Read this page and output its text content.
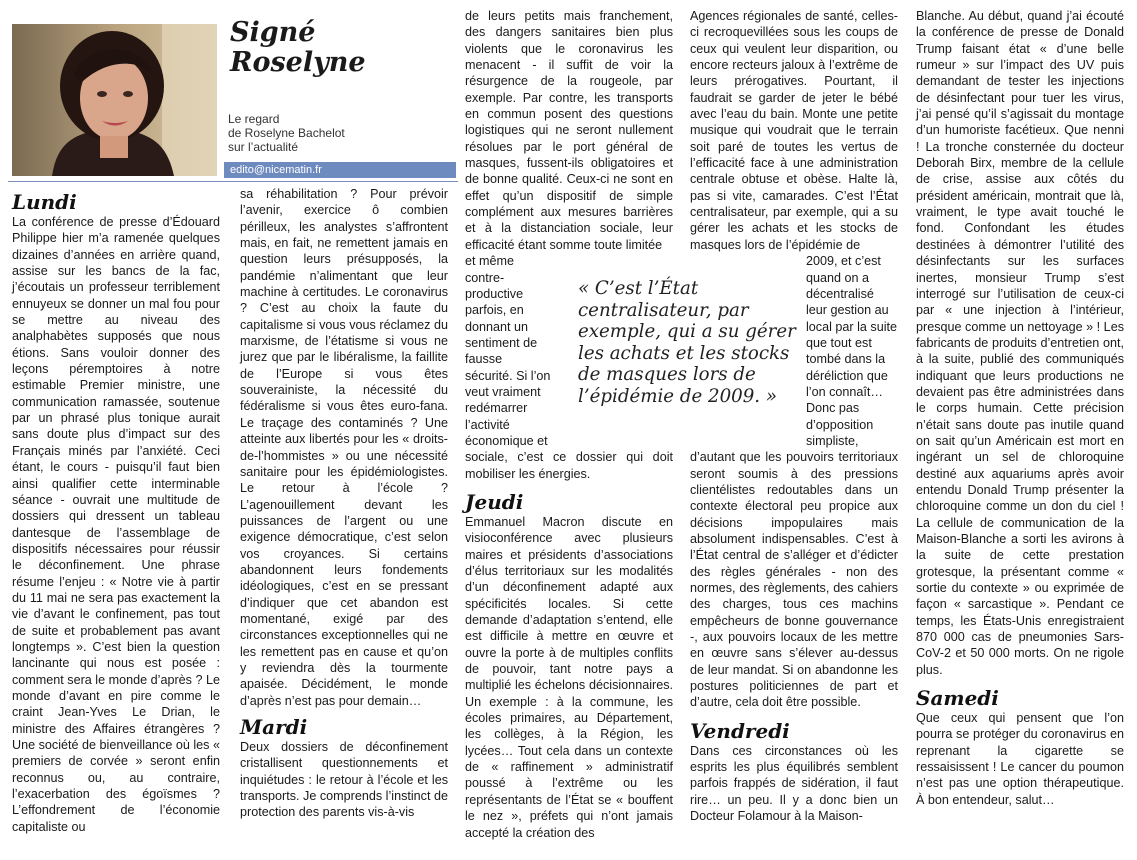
Signé
Roselyne
Le regard
de Roselyne Bachelot
sur l’actualité
edito@nicematin.fr
Lundi

La conférence de presse d’Édouard Philippe hier m’a ramenée quelques dizaines d’années en arrière quand, assise sur les bancs de la fac, j’écoutais un professeur terriblement ennuyeux se donner un mal fou pour se mettre au niveau des analphabètes supposés que nous étions. Sans vouloir donner des leçons péremptoires à notre estimable Premier ministre, une communication ramassée, soutenue par un phrasé plus tonique aurait sans doute plus d’impact sur des Français minés par l’anxiété. Ceci étant, le cours - puisqu’il faut bien ainsi qualifier cette interminable séance - ouvrait une multitude de dossiers qui dressent un tableau dantesque de l’assemblage de dispositifs nécessaires pour réussir le déconfinement. Une phrase résume l’enjeu : « Notre vie à partir du 11 mai ne sera pas exactement la vie d’avant le confinement, pas tout de suite et probablement pas avant longtemps ». C’est bien la question lancinante qui nous est posée : comment sera le monde d’après ? Le monde d’avant en pire comme le craint Jean-Yves Le Drian, le ministre des Affaires étrangères ? Une société de bienveillance où les « premiers de corvée » seront enfin reconnus ou, au contraire, l’exacerbation des égoïsmes ? L’effondrement de l’économie capitaliste ou

sa réhabilitation ? Pour prévoir l’avenir, exercice ô combien périlleux, les analystes s’affrontent mais, en fait, ne remettent jamais en question leurs présupposés, la pandémie n’alimentant que leur machine à certitudes. Le coronavirus ? C’est au choix la faute du capitalisme si vous vous réclamez du marxisme, de l’étatisme si vous ne jurez que par le libéralisme, la faillite de l’Europe si vous êtes souverainiste, la nécessité du fédéralisme si vous êtes euro-fana. Le traçage des contaminés ? Une atteinte aux libertés pour les « droits-de-l’hommistes » ou une nécessité sanitaire pour les épidémiologistes. Le retour à l’école ? L’agenouillement devant les puissances de l’argent ou une exigence démocratique, c’est selon vos croyances. Si certains abandonnent leurs fondements idéologiques, c’est en se pressant d’indiquer que cet abandon est momentané, exigé par des circonstances exceptionnelles qui ne les remettent pas en cause et qu’on y reviendra dès la tourmente apaisée. Décidément, le monde d’après n’est pas pour demain…

Mardi

Deux dossiers de déconfinement cristallisent questionnements et inquiétudes : le retour à l’école et les transports. Je comprends l’instinct de protection des parents vis-à-vis

de leurs petits mais franchement, des dangers sanitaires bien plus violents que le coronavirus les menacent - il suffit de voir la résurgence de la rougeole, par exemple. Par contre, les transports en commun posent des questions logistiques qui ne seront nullement résolues par le port général de masques, fussent-ils obligatoires et de bonne qualité. Ceux-ci ne sont en effet qu’un dispositif de simple complément aux mesures barrières et à la distanciation sociale, leur efficacité étant somme toute limitée

et même contre-productive parfois, en donnant un sentiment de fausse sécurité. Si l’on veut vraiment redémarrer l’activité économique et

sociale, c’est ce dossier qui doit mobiliser les énergies.

Jeudi

Emmanuel Macron discute en visioconférence avec plusieurs maires et présidents d’associations d’élus territoriaux sur les modalités d’un déconfinement adapté aux spécificités locales. Si cette demande d’adaptation s’entend, elle est difficile à mettre en œuvre et ouvre la porte à de multiples conflits de pouvoir, tant notre pays a multiplié les échelons décisionnaires. Un exemple : à la commune, les écoles primaires, au Département, les collèges, à la Région, les lycées… Tout cela dans un contexte de « raffinement » administratif poussé à l’extrême ou les représentants de l’État se « bouffent le nez », préfets qui n’ont jamais accepté la création des

Agences régionales de santé, celles-ci recroquevillées sous les coups de ceux qui veulent leur disparition, ou encore recteurs jaloux à l’extrême de leurs prérogatives. Pourtant, il faudrait se garder de jeter le bébé avec l’eau du bain. Monte une petite musique qui voudrait que le terrain soit paré de toutes les vertus de l’efficacité face à une administration centrale obtuse et obèse. Halte là, pas si vite, camarades. C’est l’État centralisateur, par exemple, qui a su gérer les achats et les stocks de masques lors de l’épidémie de

2009, et c’est quand on a décentralisé leur gestion au local par la suite que tout est tombé dans la déréliction que l’on connaît… Donc pas d’opposition simpliste,

d’autant que les pouvoirs territoriaux seront soumis à des pressions clientélistes redoutables dans un contexte électoral peu propice aux décisions impopulaires mais absolument indispensables. C’est à l’État central de s’alléger et d’édicter des règles générales - non des normes, des règlements, des cahiers des charges, tous ces machins empêcheurs de bonne gouvernance -, aux pouvoirs locaux de les mettre en œuvre sans s’élever au-dessus de leur mandat. Si on abandonne les postures politiciennes de part et d’autre, cela doit être possible.

Vendredi

Dans ces circonstances où les esprits les plus équilibrés semblent parfois frappés de sidération, il faut rire… un peu. Il y a donc bien un Docteur Folamour à la Maison-

Blanche. Au début, quand j’ai écouté la conférence de presse de Donald Trump faisant état « d’une belle rumeur » sur l’impact des UV puis demandant de tester les injections de désinfectant pour tuer les virus, j’ai pensé qu’il s’agissait du montage d’un humoriste facétieux. Que nenni ! La tronche consternée du docteur Deborah Birx, membre de la cellule de crise, assise aux côtés du président américain, montrait que là, vraiment, le type avait touché le fond. Confondant les études destinées à démontrer l’utilité des désinfectants sur les surfaces inertes, monsieur Trump s’est interrogé sur l’utilisation de ceux-ci par « une injection à l’intérieur, presque comme un nettoyage » ! Les fabricants de produits d’entretien ont, à la suite, publié des communiqués indiquant que leurs productions ne devaient pas être administrées dans le corps humain. Cette précision n’était sans doute pas inutile quand on sait qu’un Américain est mort en ingérant un sel de chloroquine destiné aux aquariums après avoir entendu Donald Trump présenter la chloroquine comme un don du ciel ! La cellule de communication de la Maison-Blanche a sorti les avirons à la suite de cette prestation grotesque, la présentant comme « sortie du contexte » ou exprimée de façon « sarcastique ». Pendant ce temps, les États-Unis enregistraient 870 000 cas de pneumonies Sars-CoV-2 et 50 000 morts. On ne rigole plus.

Samedi

Que ceux qui pensent que l’on pourra se protéger du coronavirus en reprenant la cigarette se ressaisissent ! Le cancer du poumon n’est pas une option thérapeutique. À bon entendeur, salut…

« C’est l’État centralisateur, par exemple, qui a su gérer les achats et les stocks de masques lors de l’épidémie de 2009. »
